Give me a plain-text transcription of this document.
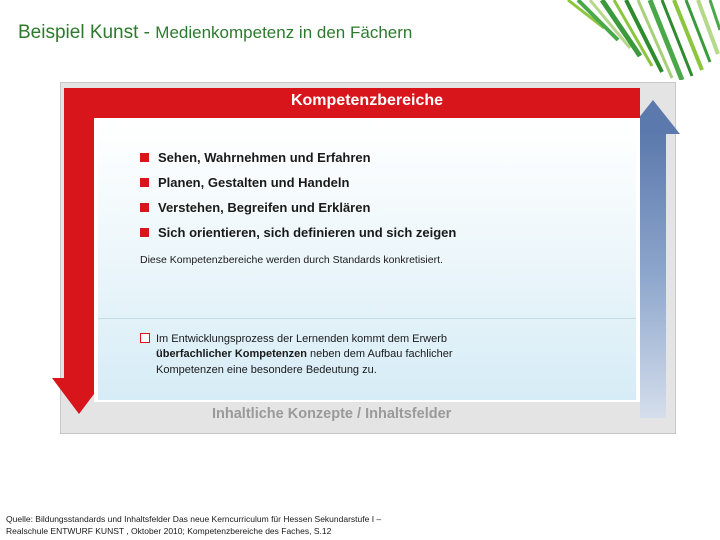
Beispiel Kunst - Medienkompetenz in den Fächern
Kompetenzbereiche
Sehen, Wahrnehmen und Erfahren
Planen, Gestalten und Handeln
Verstehen, Begreifen und Erklären
Sich orientieren, sich definieren und sich zeigen
Diese Kompetenzbereiche werden durch Standards konkretisiert.
Im Entwicklungsprozess der Lernenden kommt dem Erwerb
überfachlicher Kompetenzen neben dem Aufbau fachlicher
Kompetenzen eine besondere Bedeutung zu.
Inhaltliche Konzepte / Inhaltsfelder
Quelle: Bildungsstandards und Inhaltsfelder Das neue Kerncurriculum für Hessen Sekundarstufe I –
Realschule ENTWURF KUNST , Oktober 2010; Kompetenzbereiche des Faches, S.12
